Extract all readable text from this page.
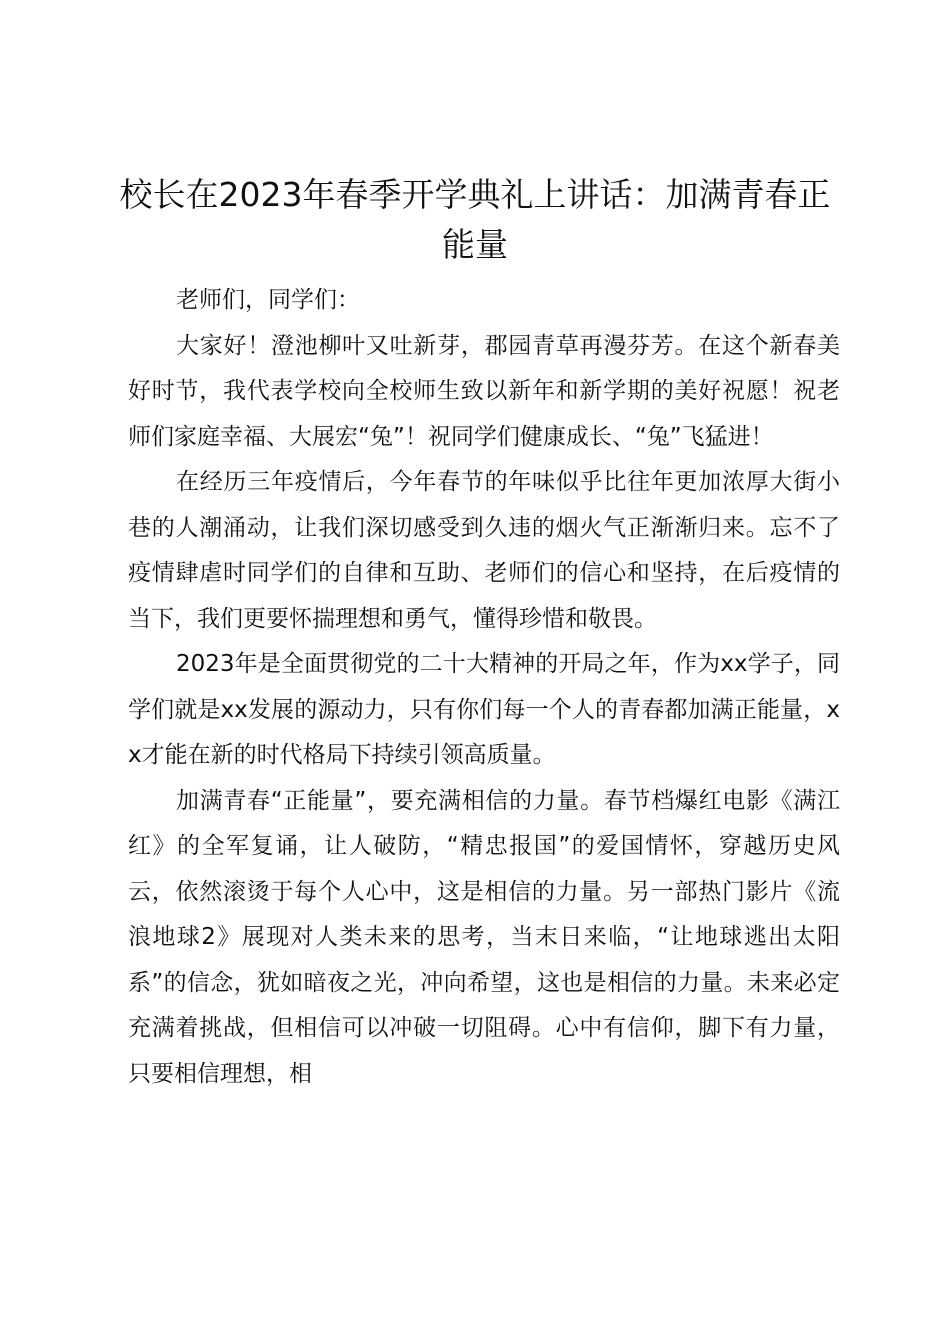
校长在2023年春季开学典礼上讲话：加满青春正能量

老师们，同学们：

大家好！澄池柳叶又吐新芽，郡园青草再漫芬芳。在这个新春美好时节，我代表学校向全校师生致以新年和新学期的美好祝愿！祝老师们家庭幸福、大展宏“兔”！祝同学们健康成长、“兔”飞猛进！

在经历三年疫情后，今年春节的年味似乎比往年更加浓厚大街小巷的人潮涌动，让我们深切感受到久违的烟火气正渐渐归来。忘不了疫情肆虐时同学们的自律和互助、老师们的信心和坚持，在后疫情的当下，我们更要怀揣理想和勇气，懂得珍惜和敬畏。

2023年是全面贯彻党的二十大精神的开局之年，作为xx学子，同学们就是xx发展的源动力，只有你们每一个人的青春都加满正能量，xx才能在新的时代格局下持续引领高质量。

加满青春“正能量”，要充满相信的力量。春节档爆红电影《满江红》的全军复诵，让人破防，“精忠报国”的爱国情怀，穿越历史风云，依然滚烫于每个人心中，这是相信的力量。另一部热门影片《流浪地球2》展现对人类未来的思考，当末日来临，“让地球逃出太阳系”的信念，犹如暗夜之光，冲向希望，这也是相信的力量。未来必定充满着挑战，但相信可以冲破一切阻碍。心中有信仰，脚下有力量，只要相信理想，相
